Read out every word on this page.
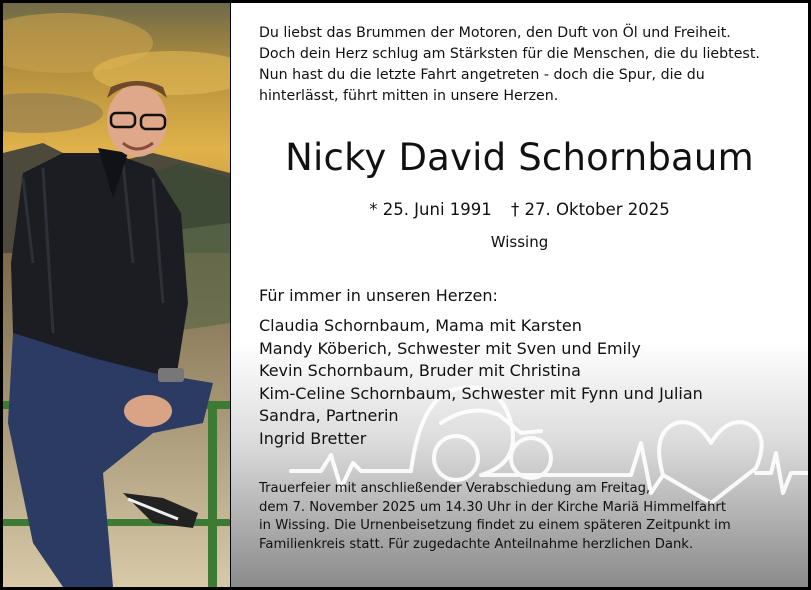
Du liebst das Brummen der Motoren, den Duft von Öl und Freiheit.
Doch dein Herz schlug am Stärksten für die Menschen, die du liebtest.
Nun hast du die letzte Fahrt angetreten - doch die Spur, die du
hinterlässt, führt mitten in unsere Herzen.

Nicky David Schornbaum
* 25. Juni 1991 † 27. Oktober 2025
Wissing
Für immer in unseren Herzen:
Claudia Schornbaum, Mama mit Karsten
Mandy Köberich, Schwester mit Sven und Emily
Kevin Schornbaum, Bruder mit Christina
Kim-Celine Schornbaum, Schwester mit Fynn und Julian
Sandra, Partnerin
Ingrid Bretter

Trauerfeier mit anschließender Verabschiedung am Freitag,
dem 7. November 2025 um 14.30 Uhr in der Kirche Mariä Himmelfahrt
in Wissing. Die Urnenbeisetzung findet zu einem späteren Zeitpunkt im
Familienkreis statt. Für zugedachte Anteilnahme herzlichen Dank.
